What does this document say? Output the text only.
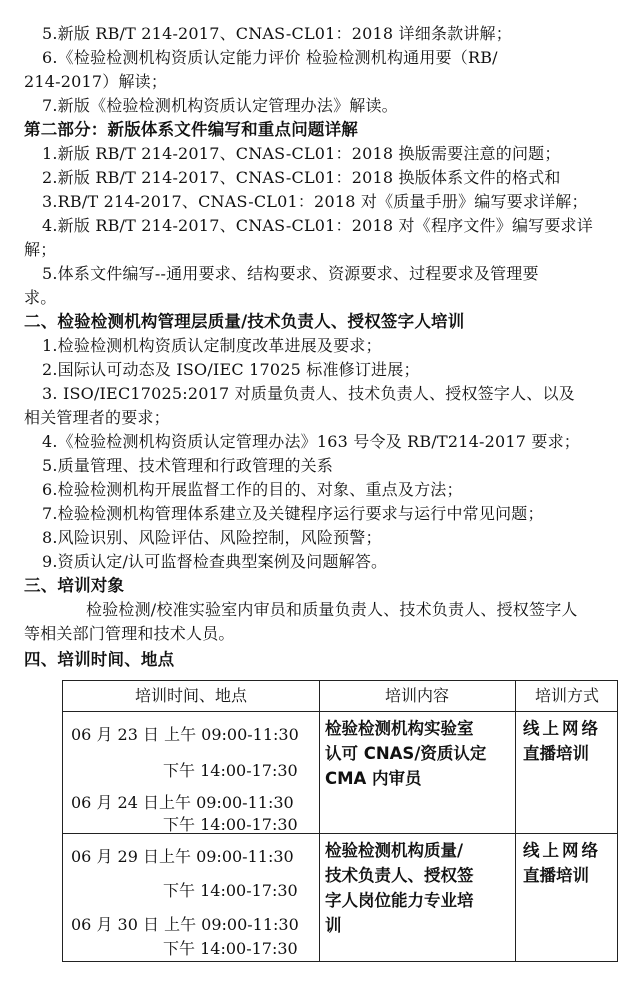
5.新版 RB/T 214-2017、CNAS-CL01：2018 详细条款讲解；
6.《检验检测机构资质认定能力评价 检验检测机构通用要（RB/
214-2017）解读；
7.新版《检验检测机构资质认定管理办法》解读。
第二部分：新版体系文件编写和重点问题详解
1.新版 RB/T 214-2017、CNAS-CL01：2018 换版需要注意的问题；
2.新版 RB/T 214-2017、CNAS-CL01：2018 换版体系文件的格式和
3.RB/T 214-2017、CNAS-CL01：2018 对《质量手册》编写要求详解；
4.新版 RB/T 214-2017、CNAS-CL01：2018 对《程序文件》编写要求详
解；
5.体系文件编写--通用要求、结构要求、资源要求、过程要求及管理要
求。
二、检验检测机构管理层质量/技术负责人、授权签字人培训
1.检验检测机构资质认定制度改革进展及要求；
2.国际认可动态及 ISO/IEC 17025 标准修订进展；
3. ISO/IEC17025:2017 对质量负责人、技术负责人、授权签字人、以及
相关管理者的要求；
4.《检验检测机构资质认定管理办法》163 号令及 RB/T214-2017 要求；
5.质量管理、技术管理和行政管理的关系
6.检验检测机构开展监督工作的目的、对象、重点及方法；
7.检验检测机构管理体系建立及关键程序运行要求与运行中常见问题；
8.风险识别、风险评估、风险控制，风险预警；
9.资质认定/认可监督检查典型案例及问题解答。
三、培训对象
检验检测/校准实验室内审员和质量负责人、技术负责人、授权签字人
等相关部门管理和技术人员。
四、培训时间、地点
培训时间、地点	培训内容	培训方式
06 月 23 日 上午 09:00-11:30
下午 14:00-17:30
06 月 24 日上午 09:00-11:30
下午 14:00-17:30
检验检测机构实验室
认可 CNAS/资质认定
CMA 内审员
线上网络
直播培训
06 月 29 日上午 09:00-11:30
下午 14:00-17:30
06 月 30 日 上午 09:00-11:30
下午 14:00-17:30
检验检测机构质量/
技术负责人、授权签
字人岗位能力专业培
训
线上网络
直播培训
